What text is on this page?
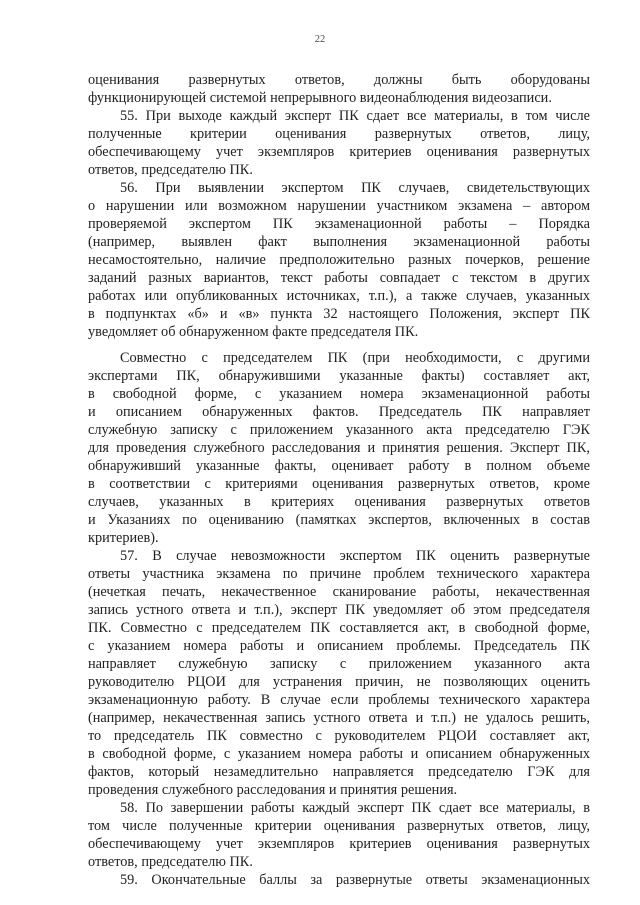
22
оценивания развернутых ответов, должны быть оборудованы
функционирующей системой непрерывного видеонаблюдения видеозаписи.
55. При выходе каждый эксперт ПК сдает все материалы, в том числе
полученные критерии оценивания развернутых ответов, лицу,
обеспечивающему учет экземпляров критериев оценивания развернутых
ответов, председателю ПК.
56. При выявлении экспертом ПК случаев, свидетельствующих
о нарушении или возможном нарушении участником экзамена – автором
проверяемой экспертом ПК экзаменационной работы – Порядка
(например, выявлен факт выполнения экзаменационной работы
несамостоятельно, наличие предположительно разных почерков, решение
заданий разных вариантов, текст работы совпадает с текстом в других
работах или опубликованных источниках, т.п.), а также случаев, указанных
в подпунктах «б» и «в» пункта 32 настоящего Положения, эксперт ПК
уведомляет об обнаруженном факте председателя ПК.
Совместно с председателем ПК (при необходимости, с другими
экспертами ПК, обнаружившими указанные факты) составляет акт,
в свободной форме, с указанием номера экзаменационной работы
и описанием обнаруженных фактов. Председатель ПК направляет
служебную записку с приложением указанного акта председателю ГЭК
для проведения служебного расследования и принятия решения. Эксперт ПК,
обнаруживший указанные факты, оценивает работу в полном объеме
в соответствии с критериями оценивания развернутых ответов, кроме
случаев, указанных в критериях оценивания развернутых ответов
и Указаниях по оцениванию (памятках экспертов, включенных в состав
критериев).
57. В случае невозможности экспертом ПК оценить развернутые
ответы участника экзамена по причине проблем технического характера
(нечеткая печать, некачественное сканирование работы, некачественная
запись устного ответа и т.п.), эксперт ПК уведомляет об этом председателя
ПК. Совместно с председателем ПК составляется акт, в свободной форме,
с указанием номера работы и описанием проблемы. Председатель ПК
направляет служебную записку с приложением указанного акта
руководителю РЦОИ для устранения причин, не позволяющих оценить
экзаменационную работу. В случае если проблемы технического характера
(например, некачественная запись устного ответа и т.п.) не удалось решить,
то председатель ПК совместно с руководителем РЦОИ составляет акт,
в свободной форме, с указанием номера работы и описанием обнаруженных
фактов, который незамедлительно направляется председателю ГЭК для
проведения служебного расследования и принятия решения.
58. По завершении работы каждый эксперт ПК сдает все материалы, в
том числе полученные критерии оценивания развернутых ответов, лицу,
обеспечивающему учет экземпляров критериев оценивания развернутых
ответов, председателю ПК.
59. Окончательные баллы за развернутые ответы экзаменационных
